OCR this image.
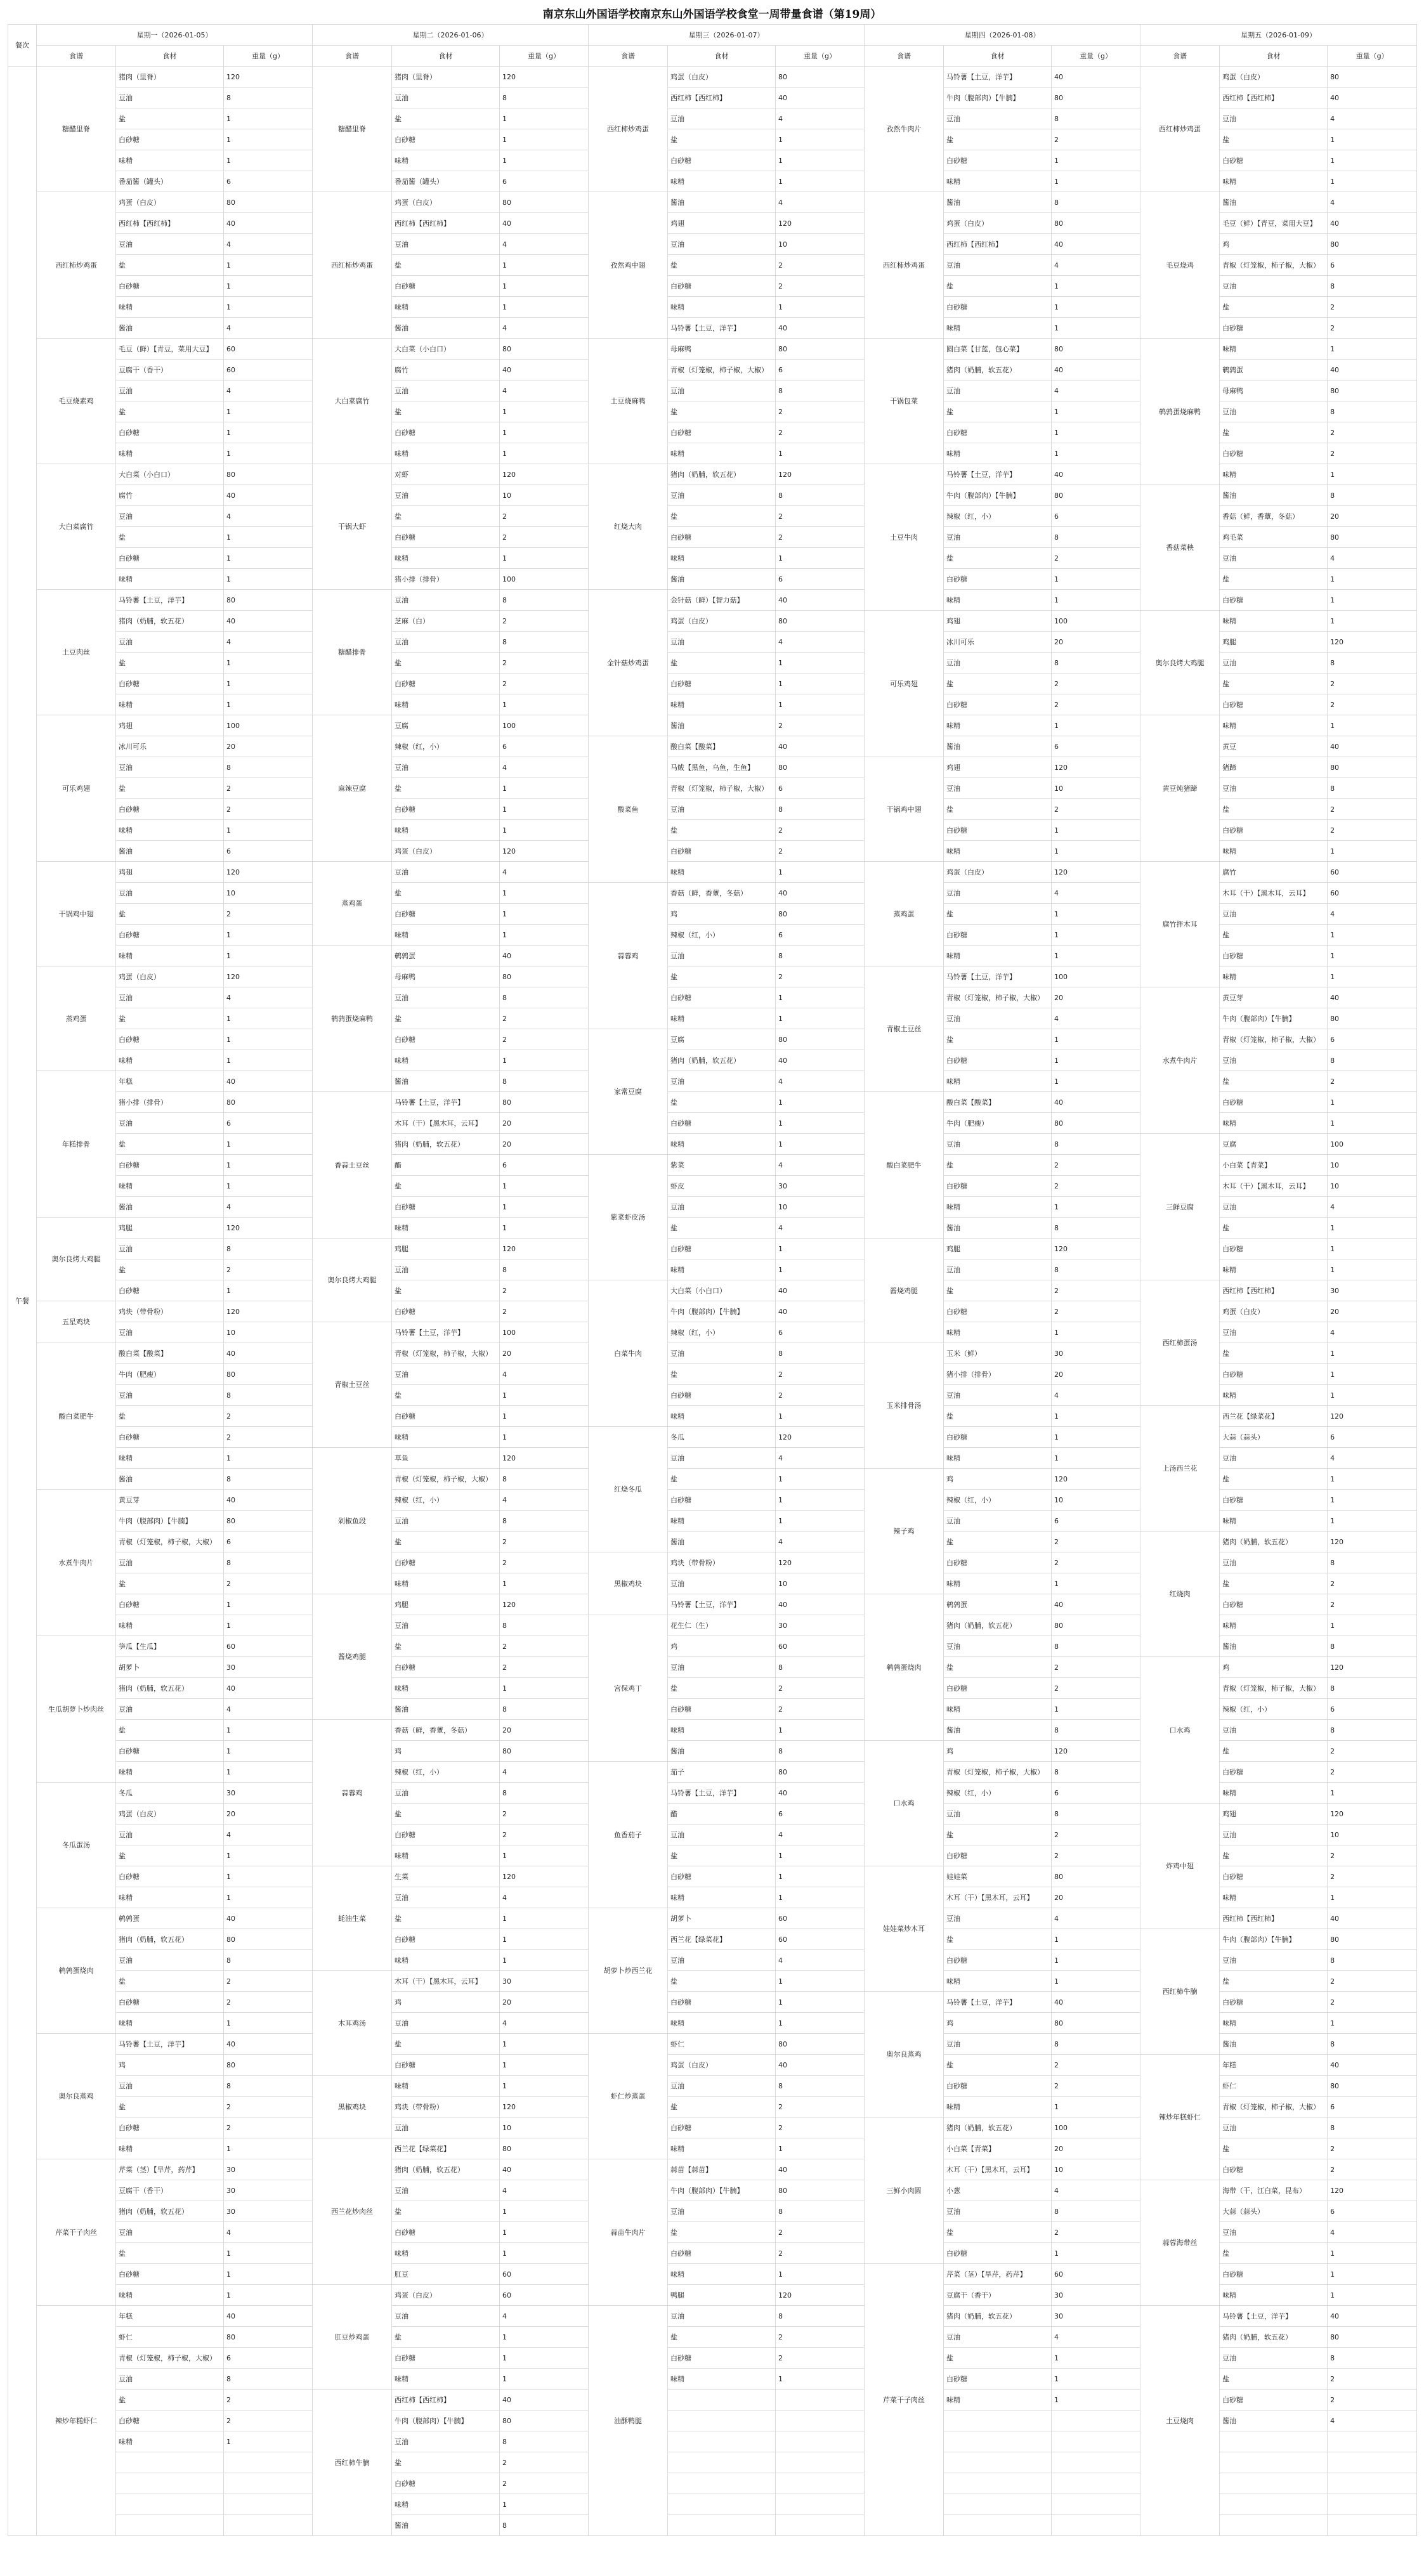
南京东山外国语学校南京东山外国语学校食堂一周带量食谱（第19周）
餐次	星期一（2026-01-05）			星期二（2026-01-06）			星期三（2026-01-07）			星期四（2026-01-08）			星期五（2026-01-09）		
	食谱	食材	重量（g）	食谱	食材	重量（g）	食谱	食材	重量（g）	食谱	食材	重量（g）	食谱	食材	重量（g）
午餐	糖醋里脊	猪肉（里脊）	120	糖醋里脊	猪肉（里脊）	120	西红柿炒鸡蛋	鸡蛋（白皮）	80	孜然牛肉片	马铃薯【土豆，洋芋】	40	西红柿炒鸡蛋	鸡蛋（白皮）	80
		豆油	8		豆油	8		西红柿【西红柿】	40		牛肉（腹部肉）【牛腩】	80		西红柿【西红柿】	40
		盐	1		盐	1		豆油	4		豆油	8		豆油	4
		白砂糖	1		白砂糖	1		盐	1		盐	2		盐	1
		味精	1		味精	1		白砂糖	1		白砂糖	1		白砂糖	1
		番茄酱（罐头）	6		番茄酱（罐头）	6		味精	1		味精	1		味精	1
	西红柿炒鸡蛋	鸡蛋（白皮）	80	西红柿炒鸡蛋	鸡蛋（白皮）	80	孜然鸡中翅	酱油	4	西红柿炒鸡蛋	酱油	8	毛豆烧鸡	酱油	4
		西红柿【西红柿】	40		西红柿【西红柿】	40		鸡翅	120		鸡蛋（白皮）	80		毛豆（鲜）【青豆，菜用大豆】	40
		豆油	4		豆油	4		豆油	10		西红柿【西红柿】	40		鸡	80
		盐	1		盐	1		盐	2		豆油	4		青椒（灯笼椒，柿子椒，大椒）	6
		白砂糖	1		白砂糖	1		白砂糖	2		盐	1		豆油	8
		味精	1		味精	1		味精	1		白砂糖	1		盐	2
		酱油	4		酱油	4		马铃薯【土豆，洋芋】	40		味精	1		白砂糖	2
	毛豆烧素鸡	毛豆（鲜）【青豆，菜用大豆】	60	大白菜腐竹	大白菜（小白口）	80	土豆烧麻鸭	母麻鸭	80	干锅包菜	圆白菜【甘蓝，包心菜】	80	鹌鹑蛋烧麻鸭	味精	1
		豆腐干（香干）	60		腐竹	40		青椒（灯笼椒，柿子椒，大椒）	6		猪肉（奶脯，软五花）	40		鹌鹑蛋	40
		豆油	4		豆油	4		豆油	8		豆油	4		母麻鸭	80
		盐	1		盐	1		盐	2		盐	1		豆油	8
		白砂糖	1		白砂糖	1		白砂糖	2		白砂糖	1		盐	2
		味精	1		味精	1		味精	1		味精	1		白砂糖	2
	大白菜腐竹	大白菜（小白口）	80	干锅大虾	对虾	120	红烧大肉	猪肉（奶脯，软五花）	120	土豆牛肉	马铃薯【土豆，洋芋】	40		味精	1
		腐竹	40		豆油	10		豆油	8		牛肉（腹部肉）【牛腩】	80	香菇菜秧	酱油	8
		豆油	4		盐	2		盐	2		辣椒（红，小）	6		香菇（鲜，香蕈，冬菇）	20
		盐	1		白砂糖	2		白砂糖	2		豆油	8		鸡毛菜	80
		白砂糖	1		味精	1		味精	1		盐	2		豆油	4
		味精	1		猪小排（排骨）	100		酱油	6		白砂糖	1		盐	1
	土豆肉丝	马铃薯【土豆，洋芋】	80	糖醋排骨	豆油	8	金针菇炒鸡蛋	金针菇（鲜）【智力菇】	40		味精	1		白砂糖	1
		猪肉（奶脯，软五花）	40		芝麻（白）	2		鸡蛋（白皮）	80	可乐鸡翅	鸡翅	100	奥尔良烤大鸡腿	味精	1
		豆油	4		豆油	8		豆油	4		冰川可乐	20		鸡腿	120
		盐	1		盐	2		盐	1		豆油	8		豆油	8
		白砂糖	1		白砂糖	2		白砂糖	1		盐	2		盐	2
		味精	1		味精	1		味精	1		白砂糖	2		白砂糖	2
	可乐鸡翅	鸡翅	100	麻辣豆腐	豆腐	100		酱油	2		味精	1	黄豆炖猪蹄	味精	1
		冰川可乐	20		辣椒（红，小）	6	酸菜鱼	酸白菜【酸菜】	40		酱油	6		黄豆	40
		豆油	8		豆油	4		马鲅【黑鱼，乌鱼，生鱼】	80	干锅鸡中翅	鸡翅	120		猪蹄	80
		盐	2		盐	1		青椒（灯笼椒，柿子椒，大椒）	6		豆油	10		豆油	8
		白砂糖	2		白砂糖	1		豆油	8		盐	2		盐	2
		味精	1		味精	1		盐	2		白砂糖	1		白砂糖	2
		酱油	6		鸡蛋（白皮）	120		白砂糖	2		味精	1		味精	1
	干锅鸡中翅	鸡翅	120	蒸鸡蛋	豆油	4		味精	1	蒸鸡蛋	鸡蛋（白皮）	120	腐竹拌木耳	腐竹	60
		豆油	10		盐	1	蒜蓉鸡	香菇（鲜，香蕈，冬菇）	40		豆油	4		木耳（干）【黑木耳，云耳】	60
		盐	2		白砂糖	1		鸡	80		盐	1		豆油	4
		白砂糖	1		味精	1		辣椒（红，小）	6		白砂糖	1		盐	1
		味精	1	鹌鹑蛋烧麻鸭	鹌鹑蛋	40		豆油	8		味精	1		白砂糖	1
	蒸鸡蛋	鸡蛋（白皮）	120		母麻鸭	80		盐	2	青椒土豆丝	马铃薯【土豆，洋芋】	100		味精	1
		豆油	4		豆油	8		白砂糖	1		青椒（灯笼椒，柿子椒，大椒）	20	水煮牛肉片	黄豆芽	40
		盐	1		盐	2		味精	1		豆油	4		牛肉（腹部肉）【牛腩】	80
		白砂糖	1		白砂糖	2	家常豆腐	豆腐	80		盐	1		青椒（灯笼椒，柿子椒，大椒）	6
		味精	1		味精	1		猪肉（奶脯，软五花）	40		白砂糖	1		豆油	8
	年糕排骨	年糕	40		酱油	8		豆油	4		味精	1		盐	2
		猪小排（排骨）	80	香蒜土豆丝	马铃薯【土豆，洋芋】	80		盐	1	酸白菜肥牛	酸白菜【酸菜】	40		白砂糖	1
		豆油	6		木耳（干）【黑木耳，云耳】	20		白砂糖	1		牛肉（肥瘦）	80		味精	1
		盐	1		猪肉（奶脯，软五花）	20		味精	1		豆油	8	三鲜豆腐	豆腐	100
		白砂糖	1		醋	6	紫菜虾皮汤	紫菜	4		盐	2		小白菜【青菜】	10
		味精	1		盐	1		虾皮	30		白砂糖	2		木耳（干）【黑木耳，云耳】	10
		酱油	4		白砂糖	1		豆油	10		味精	1		豆油	4
	奥尔良烤大鸡腿	鸡腿	120		味精	1		盐	4		酱油	8		盐	1
		豆油	8	奥尔良烤大鸡腿	鸡腿	120		白砂糖	1	酱烧鸡腿	鸡腿	120		白砂糖	1
		盐	2		豆油	8		味精	1		豆油	8		味精	1
		白砂糖	1		盐	2	白菜牛肉	大白菜（小白口）	40		盐	2	西红柿蛋汤	西红柿【西红柿】	30
	五星鸡块	鸡块（带骨粉）	120		白砂糖	2		牛肉（腹部肉）【牛腩】	40		白砂糖	2		鸡蛋（白皮）	20
		豆油	10	青椒土豆丝	马铃薯【土豆，洋芋】	100		辣椒（红，小）	6		味精	1		豆油	4
	酸白菜肥牛	酸白菜【酸菜】	40		青椒（灯笼椒，柿子椒，大椒）	20		豆油	8	玉米排骨汤	玉米（鲜）	30		盐	1
		牛肉（肥瘦）	80		豆油	4		盐	2		猪小排（排骨）	20		白砂糖	1
		豆油	8		盐	1		白砂糖	2		豆油	4		味精	1
		盐	2		白砂糖	1		味精	1		盐	1	上汤西兰花	西兰花【绿菜花】	120
		白砂糖	2		味精	1	红烧冬瓜	冬瓜	120		白砂糖	1		大蒜（蒜头）	6
		味精	1	剁椒鱼段	草鱼	120		豆油	4		味精	1		豆油	4
		酱油	8		青椒（灯笼椒，柿子椒，大椒）	8		盐	1	辣子鸡	鸡	120		盐	1
	水煮牛肉片	黄豆芽	40		辣椒（红，小）	4		白砂糖	1		辣椒（红，小）	10		白砂糖	1
		牛肉（腹部肉）【牛腩】	80		豆油	8		味精	1		豆油	6		味精	1
		青椒（灯笼椒，柿子椒，大椒）	6		盐	2		酱油	4		盐	2	红烧肉	猪肉（奶脯，软五花）	120
		豆油	8		白砂糖	2	黑椒鸡块	鸡块（带骨粉）	120		白砂糖	2		豆油	8
		盐	2		味精	1		豆油	10		味精	1		盐	2
		白砂糖	1	酱烧鸡腿	鸡腿	120		马铃薯【土豆，洋芋】	40	鹌鹑蛋烧肉	鹌鹑蛋	40		白砂糖	2
		味精	1		豆油	8	宫保鸡丁	花生仁（生）	30		猪肉（奶脯，软五花）	80		味精	1
	生瓜胡萝卜炒肉丝	笋瓜【生瓜】	60		盐	2		鸡	60		豆油	8		酱油	8
		胡萝卜	30		白砂糖	2		豆油	8		盐	2	口水鸡	鸡	120
		猪肉（奶脯，软五花）	40		味精	1		盐	2		白砂糖	2		青椒（灯笼椒，柿子椒，大椒）	8
		豆油	4		酱油	8		白砂糖	2		味精	1		辣椒（红，小）	6
		盐	1	蒜蓉鸡	香菇（鲜，香蕈，冬菇）	20		味精	1		酱油	8		豆油	8
		白砂糖	1		鸡	80		酱油	8	口水鸡	鸡	120		盐	2
		味精	1		辣椒（红，小）	4	鱼香茄子	茄子	80		青椒（灯笼椒，柿子椒，大椒）	8		白砂糖	2
	冬瓜蛋汤	冬瓜	30		豆油	8		马铃薯【土豆，洋芋】	40		辣椒（红，小）	6		味精	1
		鸡蛋（白皮）	20		盐	2		醋	6		豆油	8	炸鸡中翅	鸡翅	120
		豆油	4		白砂糖	2		豆油	4		盐	2		豆油	10
		盐	1		味精	1		盐	1		白砂糖	2		盐	2
		白砂糖	1	蚝油生菜	生菜	120		白砂糖	1	娃娃菜炒木耳	娃娃菜	80		白砂糖	2
		味精	1		豆油	4		味精	1		木耳（干）【黑木耳，云耳】	20		味精	1
	鹌鹑蛋烧肉	鹌鹑蛋	40		盐	1	胡萝卜炒西兰花	胡萝卜	60		豆油	4		西红柿【西红柿】	40
		猪肉（奶脯，软五花）	80		白砂糖	1		西兰花【绿菜花】	60		盐	1	西红柿牛腩	牛肉（腹部肉）【牛腩】	80
		豆油	8		味精	1		豆油	4		白砂糖	1		豆油	8
		盐	2	木耳鸡汤	木耳（干）【黑木耳，云耳】	30		盐	1		味精	1		盐	2
		白砂糖	2		鸡	20		白砂糖	1	奥尔良蒸鸡	马铃薯【土豆，洋芋】	40		白砂糖	2
		味精	1		豆油	4		味精	1		鸡	80		味精	1
	奥尔良蒸鸡	马铃薯【土豆，洋芋】	40		盐	1	虾仁炒蒸蛋	虾仁	80		豆油	8		酱油	8
		鸡	80		白砂糖	1		鸡蛋（白皮）	40		盐	2	辣炒年糕虾仁	年糕	40
		豆油	8	黑椒鸡块	味精	1		豆油	8		白砂糖	2		虾仁	80
		盐	2		鸡块（带骨粉）	120		盐	2		味精	1		青椒（灯笼椒，柿子椒，大椒）	6
		白砂糖	2		豆油	10		白砂糖	2	三鲜小肉圆	猪肉（奶脯，软五花）	100		豆油	8
		味精	1	西兰花炒肉丝	西兰花【绿菜花】	80		味精	1		小白菜【青菜】	20		盐	2
	芹菜干子肉丝	芹菜（茎）【旱芹，药芹】	30		猪肉（奶脯，软五花）	40	蒜苗牛肉片	蒜苗【蒜苗】	40		木耳（干）【黑木耳，云耳】	10		白砂糖	2
		豆腐干（香干）	30		豆油	4		牛肉（腹部肉）【牛腩】	80		小葱	4	蒜蓉海带丝	海带（干，江白菜，昆布）	120
		猪肉（奶脯，软五花）	30		盐	1		豆油	8		豆油	8		大蒜（蒜头）	6
		豆油	4		白砂糖	1		盐	2		盐	2		豆油	4
		盐	1		味精	1		白砂糖	2		白砂糖	1		盐	1
		白砂糖	1		肛豆	60		味精	1	芹菜干子肉丝	芹菜（茎）【旱芹，药芹】	60		白砂糖	1
		味精	1	肛豆炒鸡蛋	鸡蛋（白皮）	60		鸭腿	120		豆腐干（香干）	30		味精	1
	辣炒年糕虾仁	年糕	40		豆油	4	油酥鸭腿	豆油	8		猪肉（奶脯，软五花）	30	土豆烧肉	马铃薯【土豆，洋芋】	40
		虾仁	80		盐	1		盐	2		豆油	4		猪肉（奶脯，软五花）	80
		青椒（灯笼椒，柿子椒，大椒）	6		白砂糖	1		白砂糖	2		盐	1		豆油	8
		豆油	8		味精	1		味精	1		白砂糖	1		盐	2
		盐	2	西红柿牛腩	西红柿【西红柿】	40					味精	1		白砂糖	2
		白砂糖	2		牛肉（腹部肉）【牛腩】	80								酱油	4
		味精	1		豆油	8									
					盐	2									
					白砂糖	2									
					味精	1									
					酱油	8									
